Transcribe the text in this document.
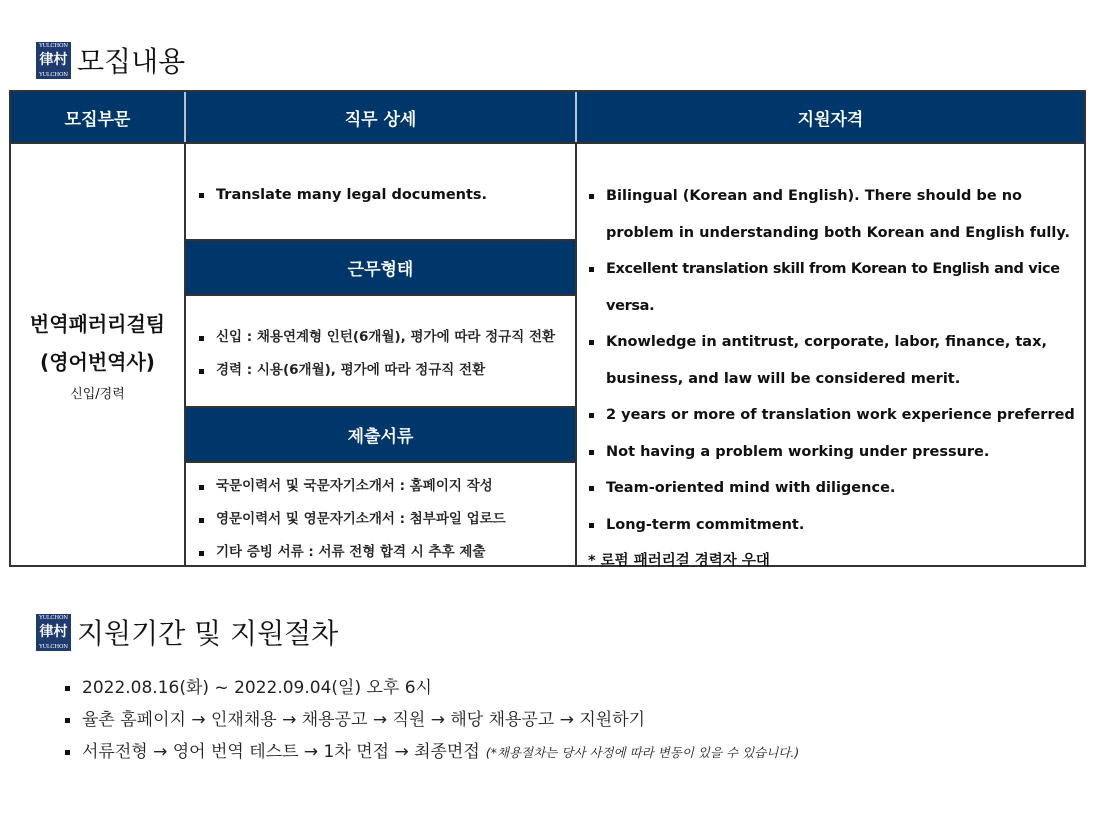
YULCHON
律村
YULCHON 모집내용
모집부문	직무 상세	지원자격
번역패러리걸팀
(영어번역사)
신입/경력
Translate many legal documents.
근무형태
신입 : 채용연계형 인턴(6개월), 평가에 따라 정규직 전환
경력 : 시용(6개월), 평가에 따라 정규직 전환
제출서류
국문이력서 및 국문자기소개서 : 홈페이지 작성
영문이력서 및 영문자기소개서 : 첨부파일 업로드
기타 증빙 서류 : 서류 전형 합격 시 추후 제출
Bilingual (Korean and English). There should be no problem in understanding both Korean and English fully.
Excellent translation skill from Korean to English and vice versa.
Knowledge in antitrust, corporate, labor, finance, tax, business, and law will be considered merit.
2 years or more of translation work experience preferred
Not having a problem working under pressure.
Team-oriented mind with diligence.
Long-term commitment.
* 로펌 패러리걸 경력자 우대
YULCHON
律村
YULCHON 지원기간 및 지원절차
2022.08.16(화) ~ 2022.09.04(일) 오후 6시
율촌 홈페이지 → 인재채용 → 채용공고 → 직원 → 해당 채용공고 → 지원하기
서류전형 → 영어 번역 테스트 → 1차 면접 → 최종면접 (*채용절차는 당사 사정에 따라 변동이 있을 수 있습니다.)
